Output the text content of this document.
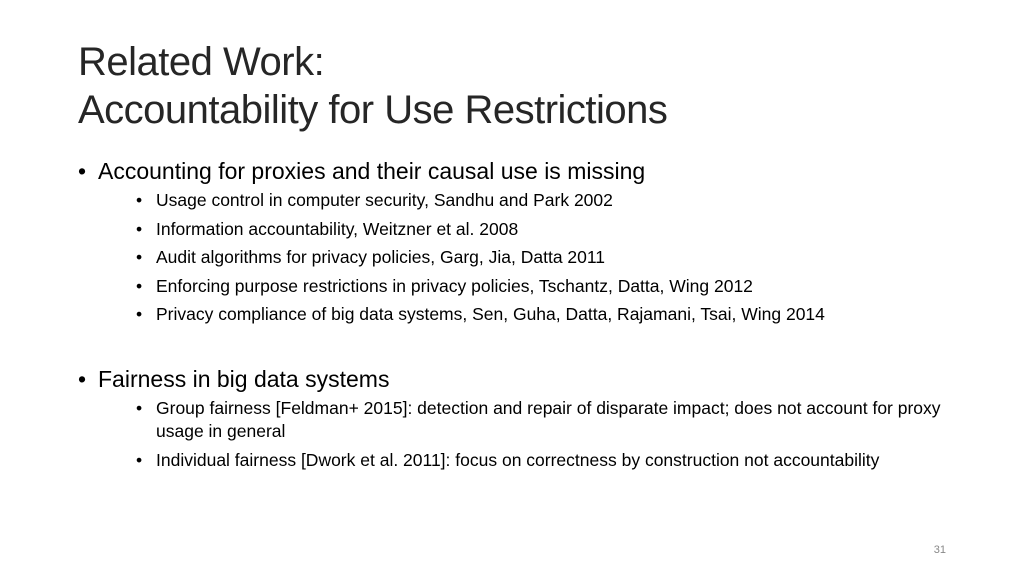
Related Work:
Accountability for Use Restrictions
• Accounting for proxies and their causal use is missing
• Usage control in computer security, Sandhu and Park 2002
• Information accountability, Weitzner et al. 2008
• Audit algorithms for privacy policies, Garg, Jia, Datta 2011
• Enforcing purpose restrictions in privacy policies, Tschantz, Datta, Wing 2012
• Privacy compliance of big data systems, Sen, Guha, Datta, Rajamani, Tsai, Wing 2014
• Fairness in big data systems
• Group fairness [Feldman+ 2015]: detection and repair of disparate impact; does not account for proxy usage in general
• Individual fairness [Dwork et al. 2011]: focus on correctness by construction not accountability
31
